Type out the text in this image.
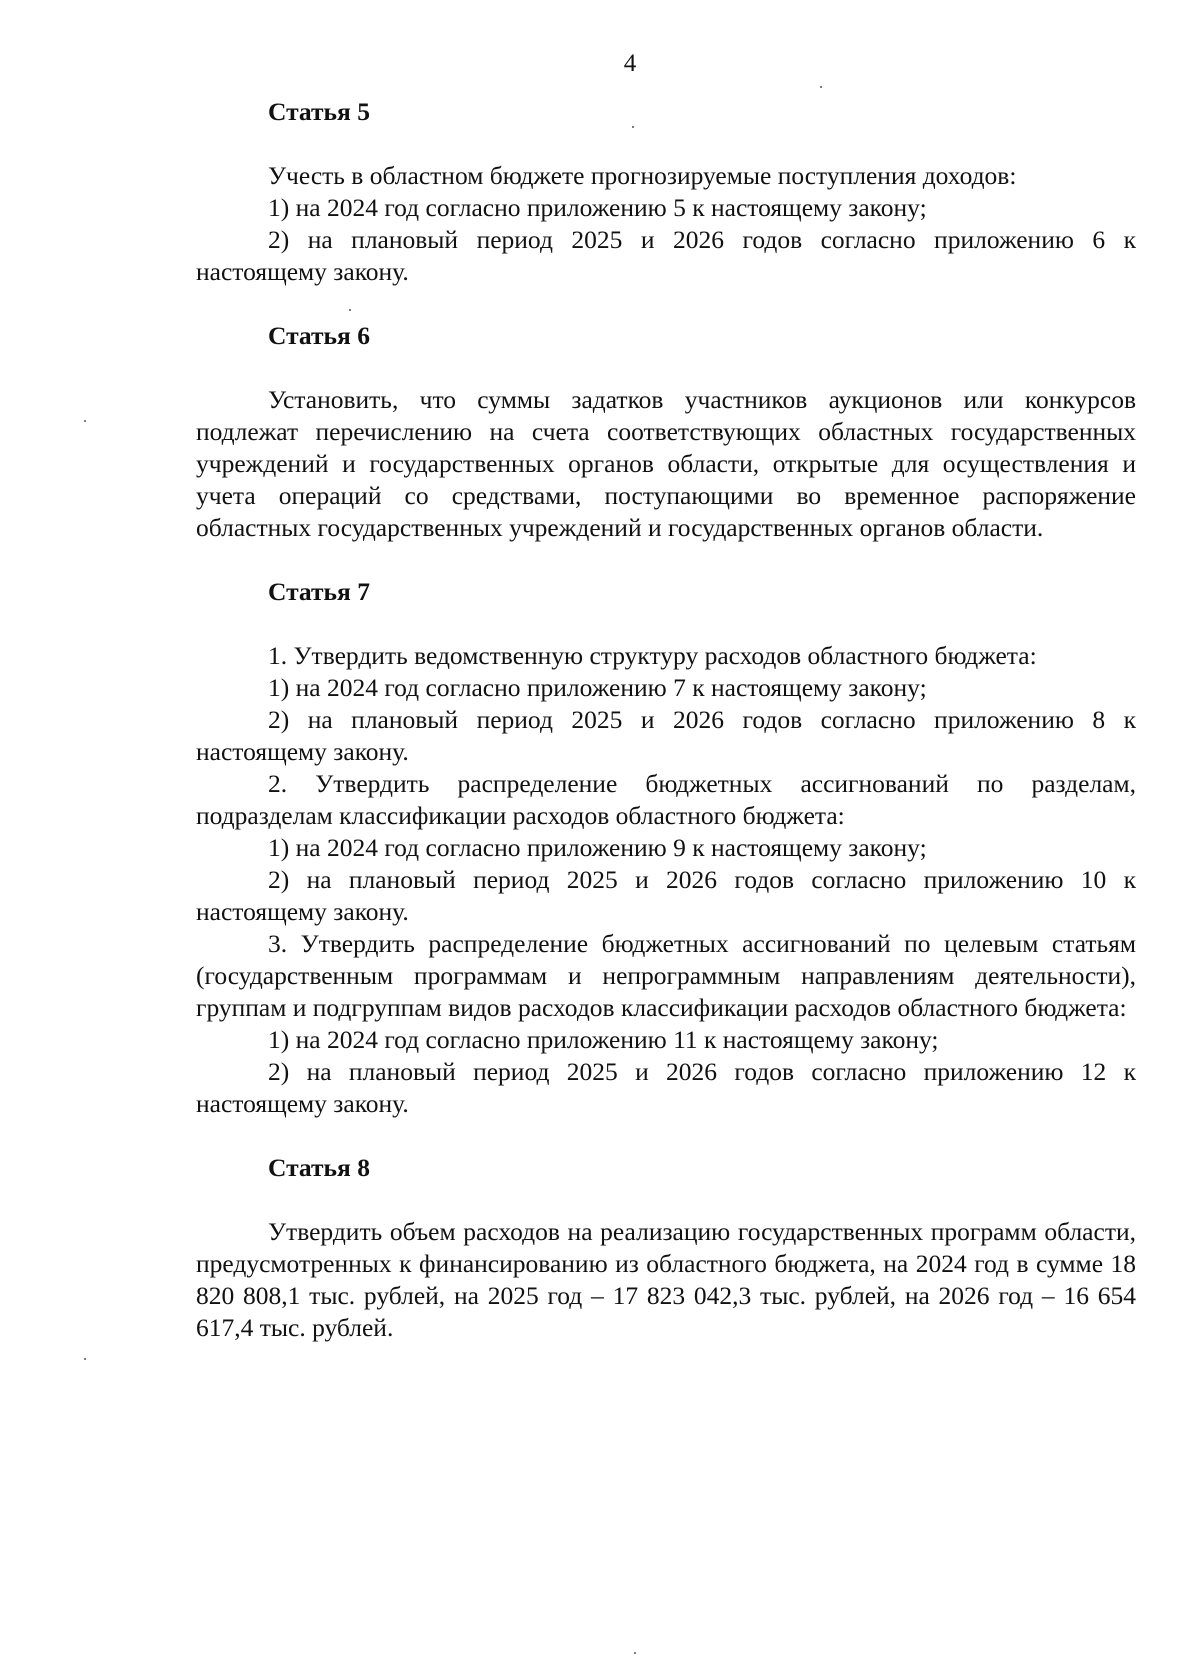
4

Статья 5

Учесть в областном бюджете прогнозируемые поступления доходов:

1) на 2024 год согласно приложению 5 к настоящему закону;

2) на плановый период 2025 и 2026 годов согласно приложению 6 к настоящему закону.

Статья 6

Установить, что суммы задатков участников аукционов или конкурсов подлежат перечислению на счета соответствующих областных государственных учреждений и государственных органов области, открытые для осуществления и учета операций со средствами, поступающими во временное распоряжение областных государственных учреждений и государственных органов области.

Статья 7

1. Утвердить ведомственную структуру расходов областного бюджета:

1) на 2024 год согласно приложению 7 к настоящему закону;

2) на плановый период 2025 и 2026 годов согласно приложению 8 к настоящему закону.

2. Утвердить распределение бюджетных ассигнований по разделам, подразделам классификации расходов областного бюджета:

1) на 2024 год согласно приложению 9 к настоящему закону;

2) на плановый период 2025 и 2026 годов согласно приложению 10 к настоящему закону.

3. Утвердить распределение бюджетных ассигнований по целевым статьям (государственным программам и непрограммным направлениям деятельности), группам и подгруппам видов расходов классификации расходов областного бюджета:

1) на 2024 год согласно приложению 11 к настоящему закону;

2) на плановый период 2025 и 2026 годов согласно приложению 12 к настоящему закону.

Статья 8

Утвердить объем расходов на реализацию государственных программ области, предусмотренных к финансированию из областного бюджета, на 2024 год в сумме 18 820 808,1 тыс. рублей, на 2025 год – 17 823 042,3 тыс. рублей, на 2026 год – 16 654 617,4 тыс. рублей.
